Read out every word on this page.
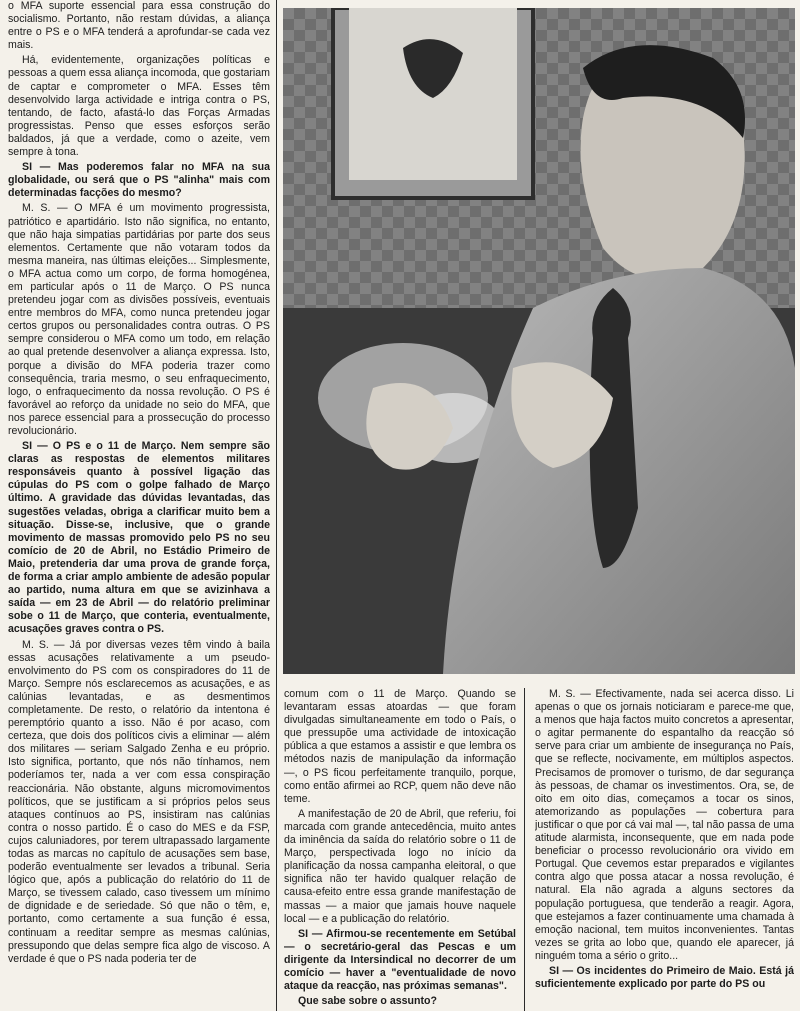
o MFA suporte essencial para essa construção do socialismo. Portanto, não restam dúvidas, a aliança entre o PS e o MFA tenderá a aprofundar-se cada vez mais.

Há, evidentemente, organizações políticas e pessoas a quem essa aliança incomoda, que gostariam de captar e comprometer o MFA. Esses têm desenvolvido larga actividade e intriga contra o PS, tentando, de facto, afastá-lo das Forças Armadas progressistas. Penso que esses esforços serão baldados, já que a verdade, como o azeite, vem sempre à tona.

SI — Mas poderemos falar no MFA na sua globalidade, ou será que o PS "alinha" mais com determinadas facções do mesmo?

M. S. — O MFA é um movimento progressista, patriótico e apartidário. Isto não significa, no entanto, que não haja simpatias partidárias por parte dos seus elementos. Certamente que não votaram todos da mesma maneira, nas últimas eleições... Simplesmente, o MFA actua como um corpo, de forma homogénea, em particular após o 11 de Março. O PS nunca pretendeu jogar com as divisões possíveis, eventuais entre membros do MFA, como nunca pretendeu jogar certos grupos ou personalidades contra outras. O PS sempre considerou o MFA como um todo, em relação ao qual pretende desenvolver a aliança expressa. Isto, porque a divisão do MFA poderia trazer como consequência, traria mesmo, o seu enfraquecimento, logo, o enfraquecimento da nossa revolução. O PS é favorável ao reforço da unidade no seio do MFA, que nos parece essencial para a prossecução do processo revolucionário.

SI — O PS e o 11 de Março. Nem sempre são claras as respostas de elementos militares responsáveis quanto à possível ligação das cúpulas do PS com o golpe falhado de Março último. A gravidade das dúvidas levantadas, das sugestões veladas, obriga a clarificar muito bem a situação. Disse-se, inclusive, que o grande movimento de massas promovido pelo PS no seu comício de 20 de Abril, no Estádio Primeiro de Maio, pretenderia dar uma prova de grande força, de forma a criar amplo ambiente de adesão popular ao partido, numa altura em que se avizinhava a saída — em 23 de Abril — do relatório preliminar sobe o 11 de Março, que conteria, eventualmente, acusações graves contra o PS.

M. S. — Já por diversas vezes têm vindo à baila essas acusações relativamente a um pseudo-envolvimento do PS com os conspiradores do 11 de Março. Sempre nós esclarecemos as acusações, e as calúnias levantadas, e as desmentimos completamente. De resto, o relatório da intentona é peremptório quanto a isso. Não é por acaso, com certeza, que dois dos políticos civis a eliminar — além dos militares — seriam Salgado Zenha e eu próprio. Isto significa, portanto, que nós não tínhamos, nem poderíamos ter, nada a ver com essa conspiração reaccionária. Não obstante, alguns micromovimentos políticos, que se justificam a si próprios pelos seus ataques contínuos ao PS, insistiram nas calúnias contra o nosso partido. É o caso do MES e da FSP, cujos caluniadores, por terem ultrapassado largamente todas as marcas no capítulo de acusações sem base, poderão eventualmente ser levados a tribunal. Seria lógico que, após a publicação do relatório do 11 de Março, se tivessem calado, caso tivessem um mínimo de dignidade e de seriedade. Só que não o têm, e, portanto, como certamente a sua função é essa, continuam a reeditar sempre as mesmas calúnias, pressupondo que delas sempre fica algo de viscoso. A verdade é que o PS nada poderia ter de

comum com o 11 de Março. Quando se levantaram essas atoardas — que foram divulgadas simultaneamente em todo o País, o que pressupõe uma actividade de intoxicação pública a que estamos a assistir e que lembra os métodos nazis de manipulação da informação —, o PS ficou perfeitamente tranquilo, porque, como então afirmei ao RCP, quem não deve não teme.

A manifestação de 20 de Abril, que referiu, foi marcada com grande antecedência, muito antes da iminência da saída do relatório sobre o 11 de Março, perspectivada logo no início da planificação da nossa campanha eleitoral, o que significa não ter havido qualquer relação de causa-efeito entre essa grande manifestação de massas — a maior que jamais houve naquele local — e a publicação do relatório.

SI — Afirmou-se recentemente em Setúbal — o secretário-geral das Pescas e um dirigente da Intersindical no decorrer de um comício — haver a "eventualidade de novo ataque da reacção, nas próximas semanas".

Que sabe sobre o assunto?

M. S. — Efectivamente, nada sei acerca disso. Li apenas o que os jornais noticiaram e parece-me que, a menos que haja factos muito concretos a apresentar, o agitar permanente do espantalho da reacção só serve para criar um ambiente de insegurança no País, que se reflecte, nocivamente, em múltiplos aspectos. Precisamos de promover o turismo, de dar segurança às pessoas, de chamar os investimentos. Ora, se, de oito em oito dias, começamos a tocar os sinos, atemorizando as populações — cobertura para justificar o que por cá vai mal —, tal não passa de uma atitude alarmista, inconsequente, que em nada pode beneficiar o processo revolucionário ora vivido em Portugal. Que cevemos estar preparados e vigilantes contra algo que possa atacar a nossa revolução, é natural. Ela não agrada a alguns sectores da população portuguesa, que tenderão a reagir. Agora, que estejamos a fazer continuamente uma chamada à emoção nacional, tem muitos inconvenientes. Tantas vezes se grita ao lobo que, quando ele aparecer, já ninguém toma a sério o grito...

SI — Os incidentes do Primeiro de Maio. Está já suficientemente explicado por parte do PS ou
